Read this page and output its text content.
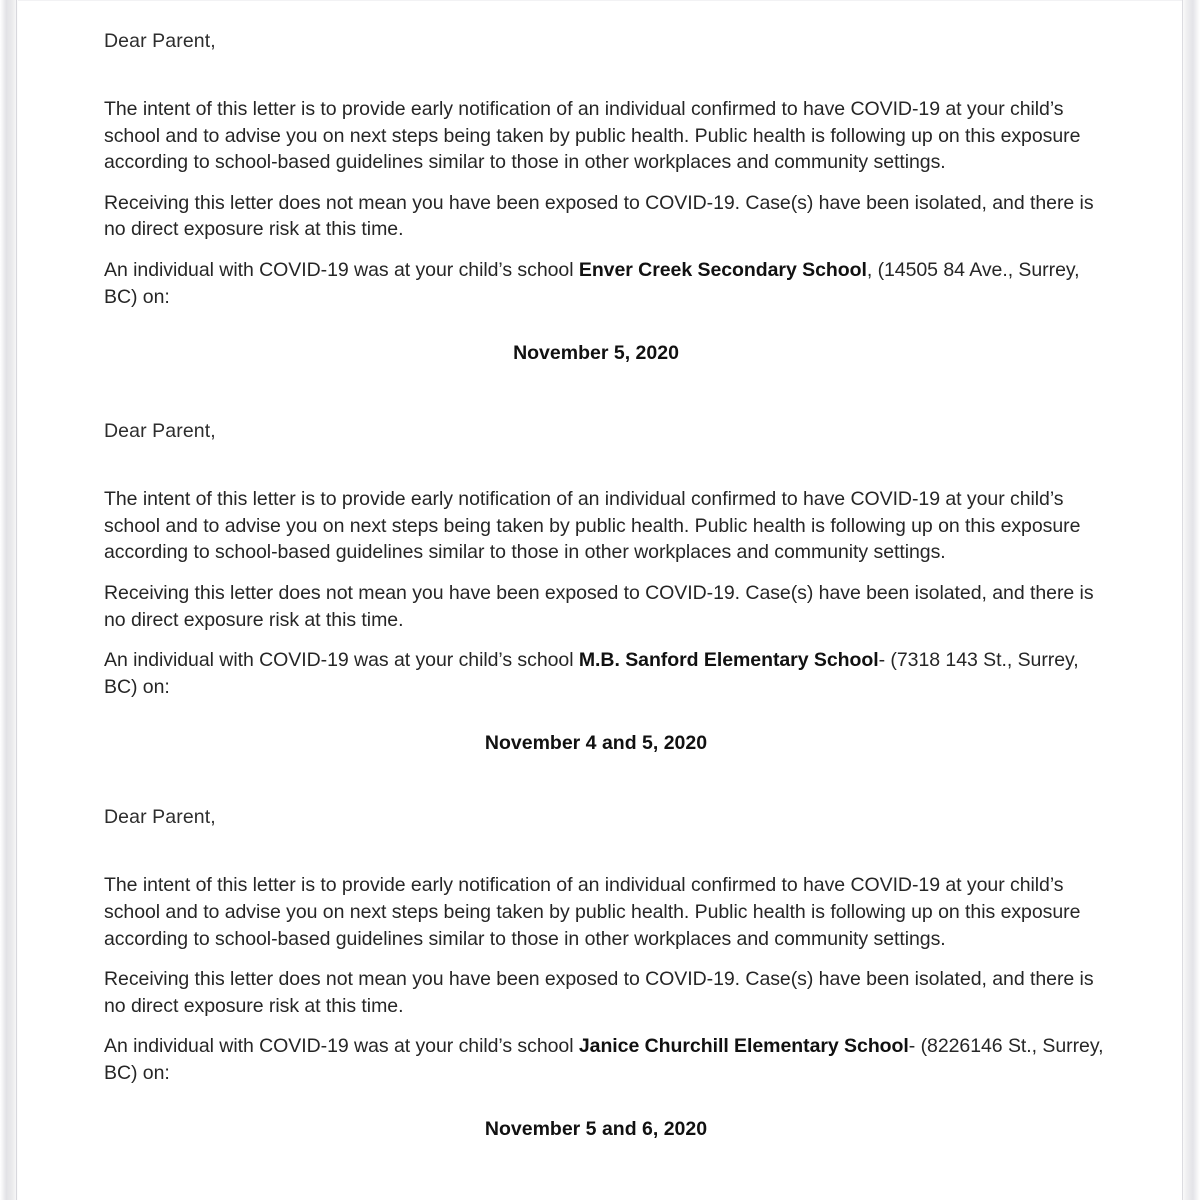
Dear Parent,

The intent of this letter is to provide early notification of an individual confirmed to have COVID-19 at your child’s school and to advise you on next steps being taken by public health. Public health is following up on this exposure according to school-based guidelines similar to those in other workplaces and community settings.

Receiving this letter does not mean you have been exposed to COVID-19. Case(s) have been isolated, and there is no direct exposure risk at this time.

An individual with COVID-19 was at your child’s school Enver Creek Secondary School, (14505 84 Ave., Surrey, BC) on:

November 5, 2020
Dear Parent,

The intent of this letter is to provide early notification of an individual confirmed to have COVID-19 at your child’s school and to advise you on next steps being taken by public health. Public health is following up on this exposure according to school-based guidelines similar to those in other workplaces and community settings.

Receiving this letter does not mean you have been exposed to COVID-19. Case(s) have been isolated, and there is no direct exposure risk at this time.

An individual with COVID-19 was at your child’s school M.B. Sanford Elementary School- (7318 143 St., Surrey, BC) on:

November 4 and 5, 2020
Dear Parent,

The intent of this letter is to provide early notification of an individual confirmed to have COVID-19 at your child’s school and to advise you on next steps being taken by public health. Public health is following up on this exposure according to school-based guidelines similar to those in other workplaces and community settings.

Receiving this letter does not mean you have been exposed to COVID-19. Case(s) have been isolated, and there is no direct exposure risk at this time.

An individual with COVID-19 was at your child’s school Janice Churchill Elementary School- (8226146 St., Surrey, BC) on:

November 5 and 6, 2020
